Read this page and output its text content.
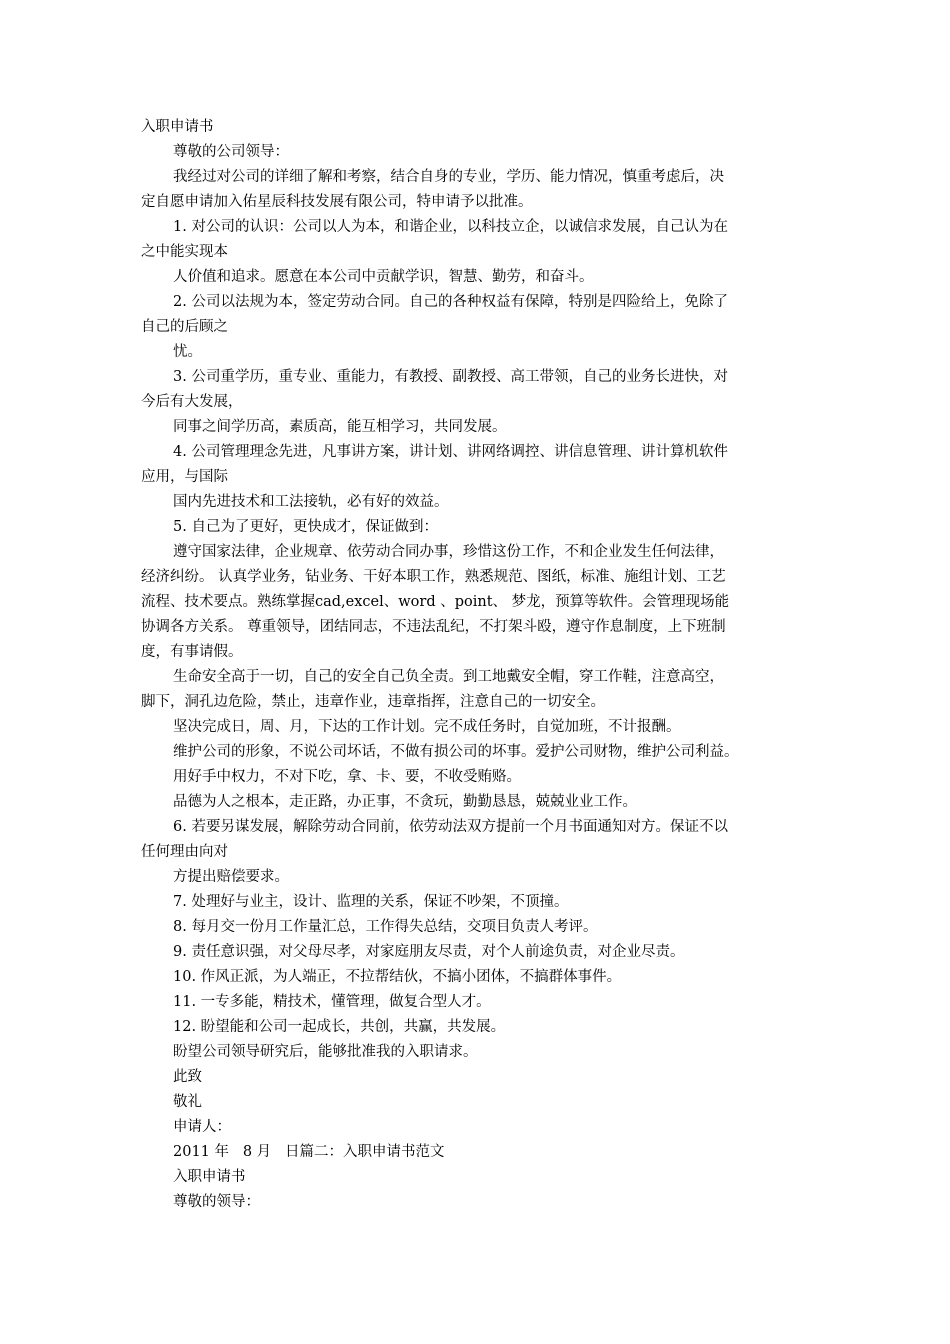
入职申请书

尊敬的公司领导：

我经过对公司的详细了解和考察，结合自身的专业，学历、能力情况，慎重考虑后，决

定自愿申请加入佑星辰科技发展有限公司，特申请予以批准。

1. 对公司的认识：公司以人为本，和谐企业，以科技立企，以诚信求发展，自己认为在

之中能实现本

人价值和追求。愿意在本公司中贡献学识，智慧、勤劳，和奋斗。

2. 公司以法规为本，签定劳动合同。自己的各种权益有保障，特别是四险给上，免除了

自己的后顾之

忧。

3. 公司重学历，重专业、重能力，有教授、副教授、高工带领，自己的业务长进快，对

今后有大发展，

同事之间学历高，素质高，能互相学习，共同发展。

4. 公司管理理念先进，凡事讲方案，讲计划、讲网络调控、讲信息管理、讲计算机软件

应用，与国际

国内先进技术和工法接轨，必有好的效益。

5. 自己为了更好，更快成才，保证做到：

遵守国家法律，企业规章、依劳动合同办事，珍惜这份工作，不和企业发生任何法律，

经济纠纷。 认真学业务，钻业务、干好本职工作，熟悉规范、图纸，标准、施组计划、工艺

流程、技术要点。熟练掌握cad,excel、word 、point、 梦龙，预算等软件。会管理现场能

协调各方关系。 尊重领导，团结同志，不违法乱纪，不打架斗殴，遵守作息制度，上下班制

度，有事请假。

生命安全高于一切，自己的安全自己负全责。到工地戴安全帽，穿工作鞋，注意高空，

脚下，洞孔边危险，禁止，违章作业，违章指挥，注意自己的一切安全。

坚决完成日，周、月，下达的工作计划。完不成任务时，自觉加班，不计报酬。

维护公司的形象，不说公司坏话，不做有损公司的坏事。爱护公司财物，维护公司利益。

用好手中权力，不对下吃，拿、卡、要，不收受贿赂。

品德为人之根本，走正路，办正事，不贪玩，勤勤恳恳，兢兢业业工作。

6. 若要另谋发展，解除劳动合同前，依劳动法双方提前一个月书面通知对方。保证不以

任何理由向对

方提出赔偿要求。

7. 处理好与业主，设计、监理的关系，保证不吵架，不顶撞。

8. 每月交一份月工作量汇总，工作得失总结，交项目负责人考评。

9. 责任意识强，对父母尽孝，对家庭朋友尽责，对个人前途负责，对企业尽责。

10. 作风正派，为人端正，不拉帮结伙，不搞小团体，不搞群体事件。

11. 一专多能，精技术，懂管理，做复合型人才。

12. 盼望能和公司一起成长，共创，共赢，共发展。

盼望公司领导研究后，能够批准我的入职请求。

此致

敬礼

申请人：

2011 年   8 月   日篇二：入职申请书范文

入职申请书

尊敬的领导：
